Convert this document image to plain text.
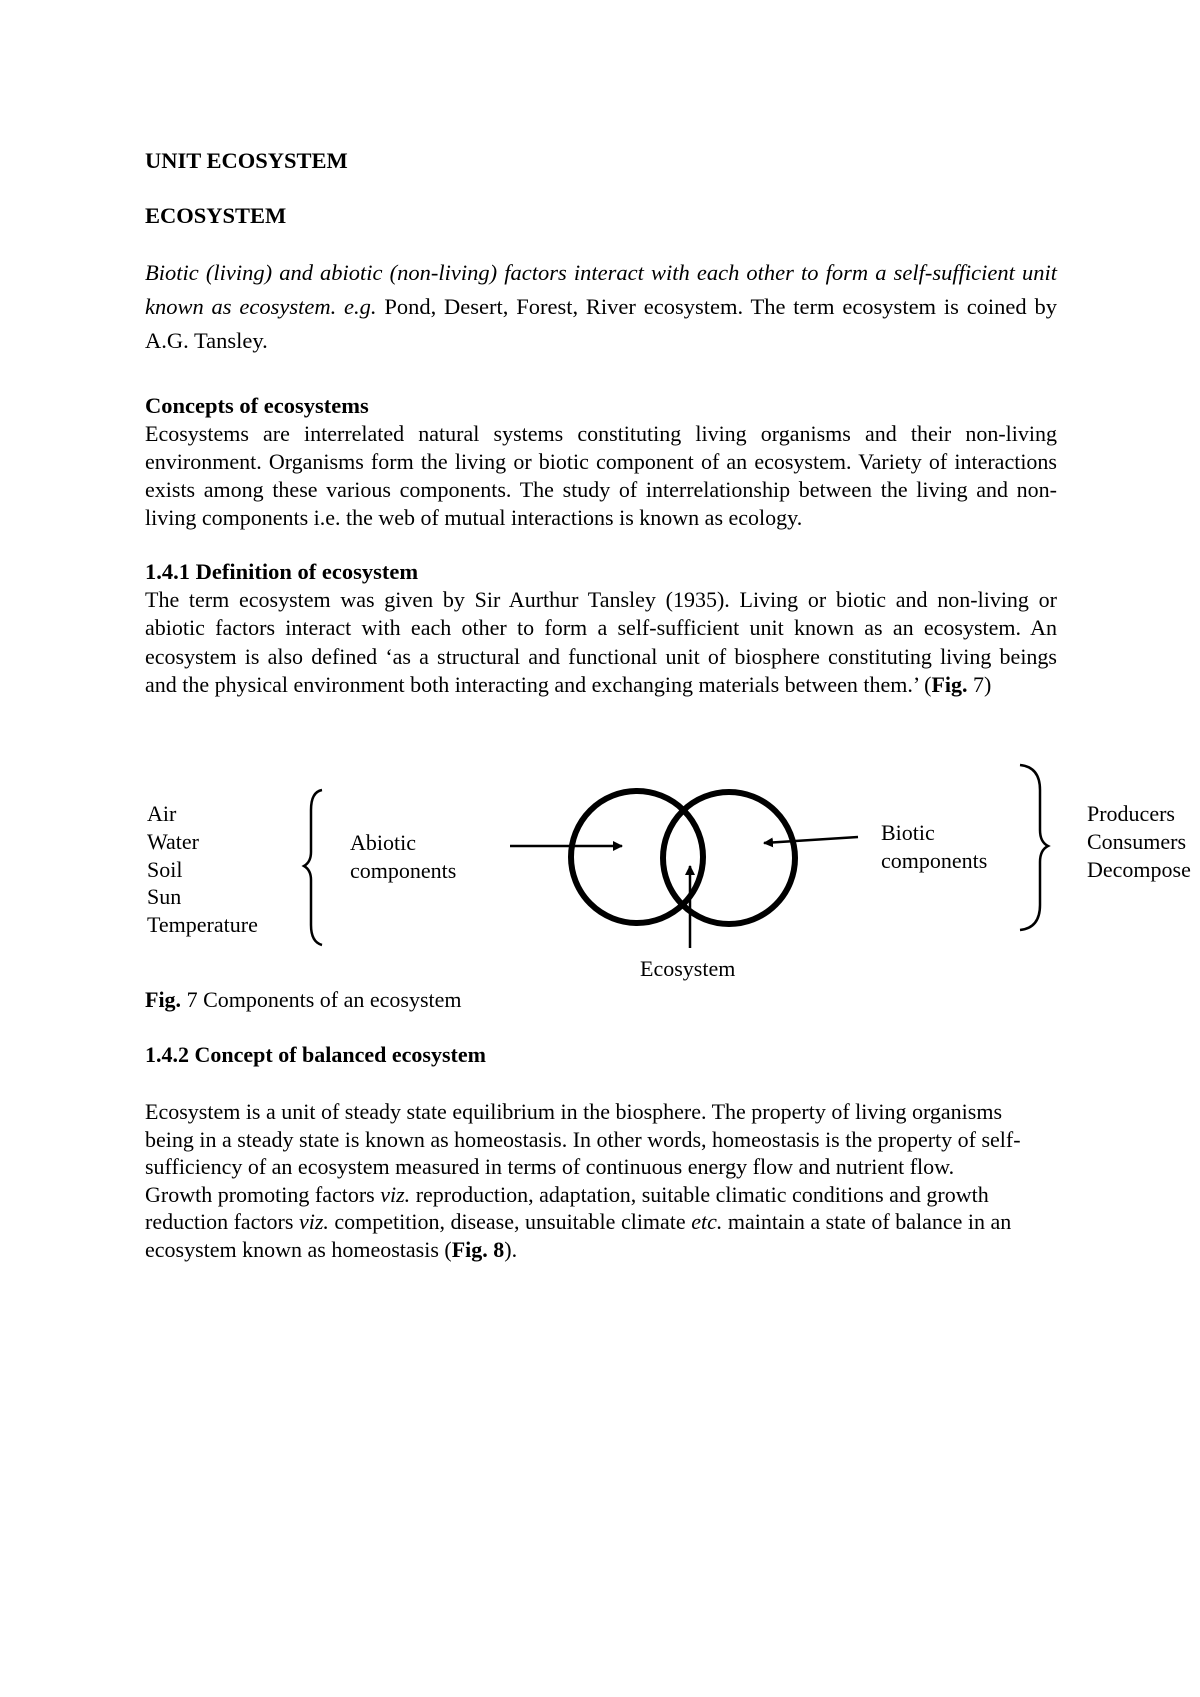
UNIT ECOSYSTEM
ECOSYSTEM
Biotic (living) and abiotic (non-living) factors interact with each other to form a self-sufficient unit known as ecosystem. e.g. Pond, Desert, Forest, River ecosystem. The term ecosystem is coined by A.G. Tansley.
Concepts of ecosystems
Ecosystems are interrelated natural systems constituting living organisms and their non-living environment. Organisms form the living or biotic component of an ecosystem. Variety of interactions exists among these various components. The study of interrelationship between the living and non-living components i.e. the web of mutual interactions is known as ecology.
1.4.1 Definition of ecosystem
The term ecosystem was given by Sir Aurthur Tansley (1935). Living or biotic and non-living or abiotic factors interact with each other to form a self-sufficient unit known as an ecosystem. An ecosystem is also defined ‘as a structural and functional unit of biosphere constituting living beings and the physical environment both interacting and exchanging materials between them.’ (Fig. 7)
Air
Water
Soil
Sun
Temperature
Abiotic
components
Biotic
components
Producers
Consumers
Decompose
Ecosystem
Fig. 7 Components of an ecosystem
1.4.2 Concept of balanced ecosystem
Ecosystem is a unit of steady state equilibrium in the biosphere. The property of living organisms being in a steady state is known as homeostasis. In other words, homeostasis is the property of self-sufficiency of an ecosystem measured in terms of continuous energy flow and nutrient flow. Growth promoting factors viz. reproduction, adaptation, suitable climatic conditions and growth reduction factors viz. competition, disease, unsuitable climate etc. maintain a state of balance in an ecosystem known as homeostasis (Fig. 8).
